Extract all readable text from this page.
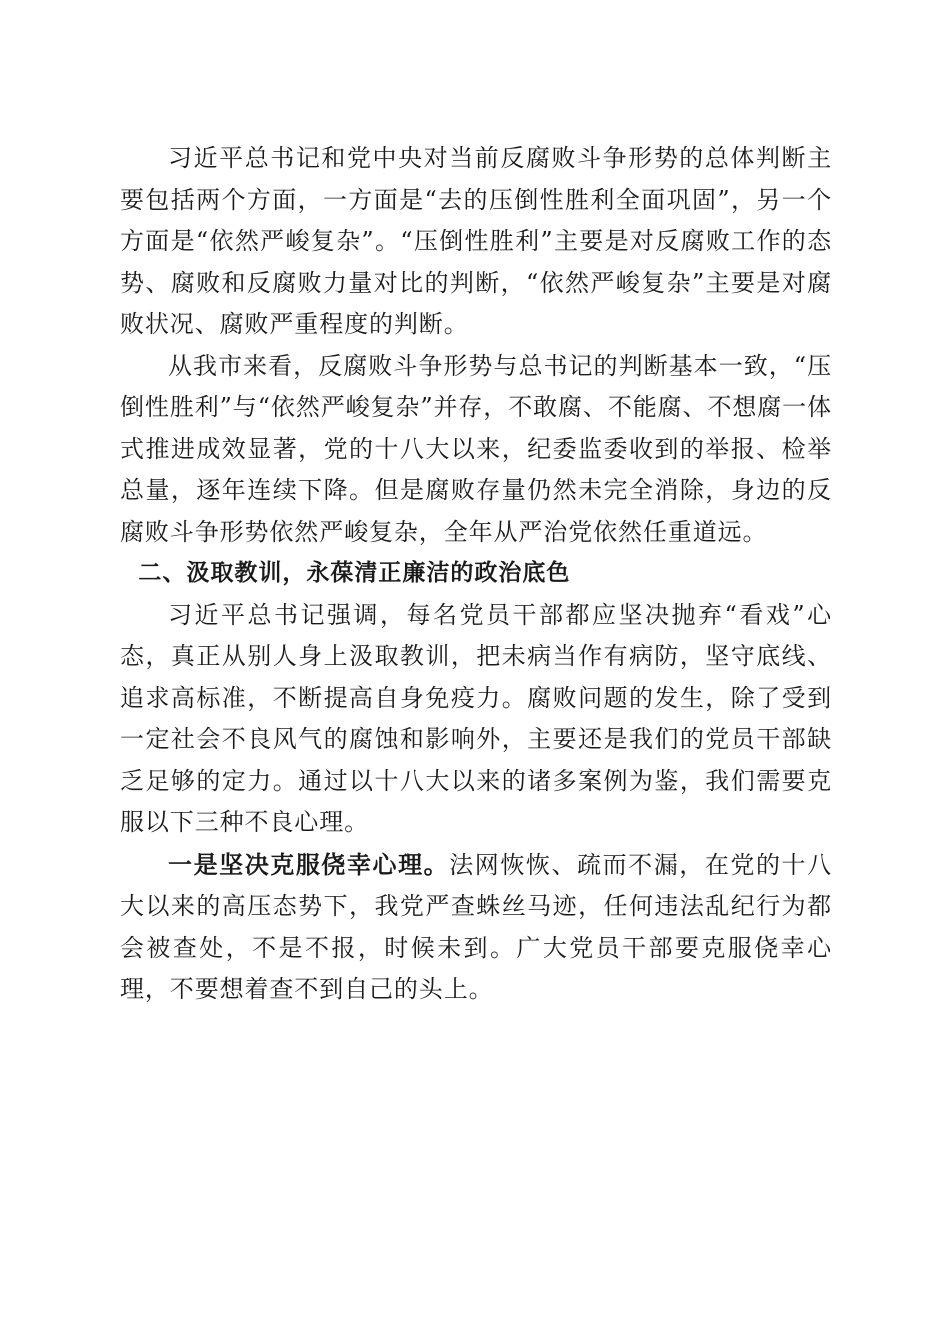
习近平总书记和党中央对当前反腐败斗争形势的总体判断主要包括两个方面，一方面是“去的压倒性胜利全面巩固”，另一个方面是“依然严峻复杂”。“压倒性胜利”主要是对反腐败工作的态势、腐败和反腐败力量对比的判断，“依然严峻复杂”主要是对腐败状况、腐败严重程度的判断。

从我市来看，反腐败斗争形势与总书记的判断基本一致，“压倒性胜利”与“依然严峻复杂”并存，不敢腐、不能腐、不想腐一体式推进成效显著，党的十八大以来，纪委监委收到的举报、检举总量，逐年连续下降。但是腐败存量仍然未完全消除，身边的反腐败斗争形势依然严峻复杂，全年从严治党依然任重道远。

二、汲取教训，永葆清正廉洁的政治底色

习近平总书记强调，每名党员干部都应坚决抛弃“看戏”心态，真正从别人身上汲取教训，把未病当作有病防，坚守底线、追求高标准，不断提高自身免疫力。腐败问题的发生，除了受到一定社会不良风气的腐蚀和影响外，主要还是我们的党员干部缺乏足够的定力。通过以十八大以来的诸多案例为鉴，我们需要克服以下三种不良心理。

一是坚决克服侥幸心理。法网恢恢、疏而不漏，在党的十八大以来的高压态势下，我党严查蛛丝马迹，任何违法乱纪行为都会被查处，不是不报，时候未到。广大党员干部要克服侥幸心理，不要想着查不到自己的头上。
